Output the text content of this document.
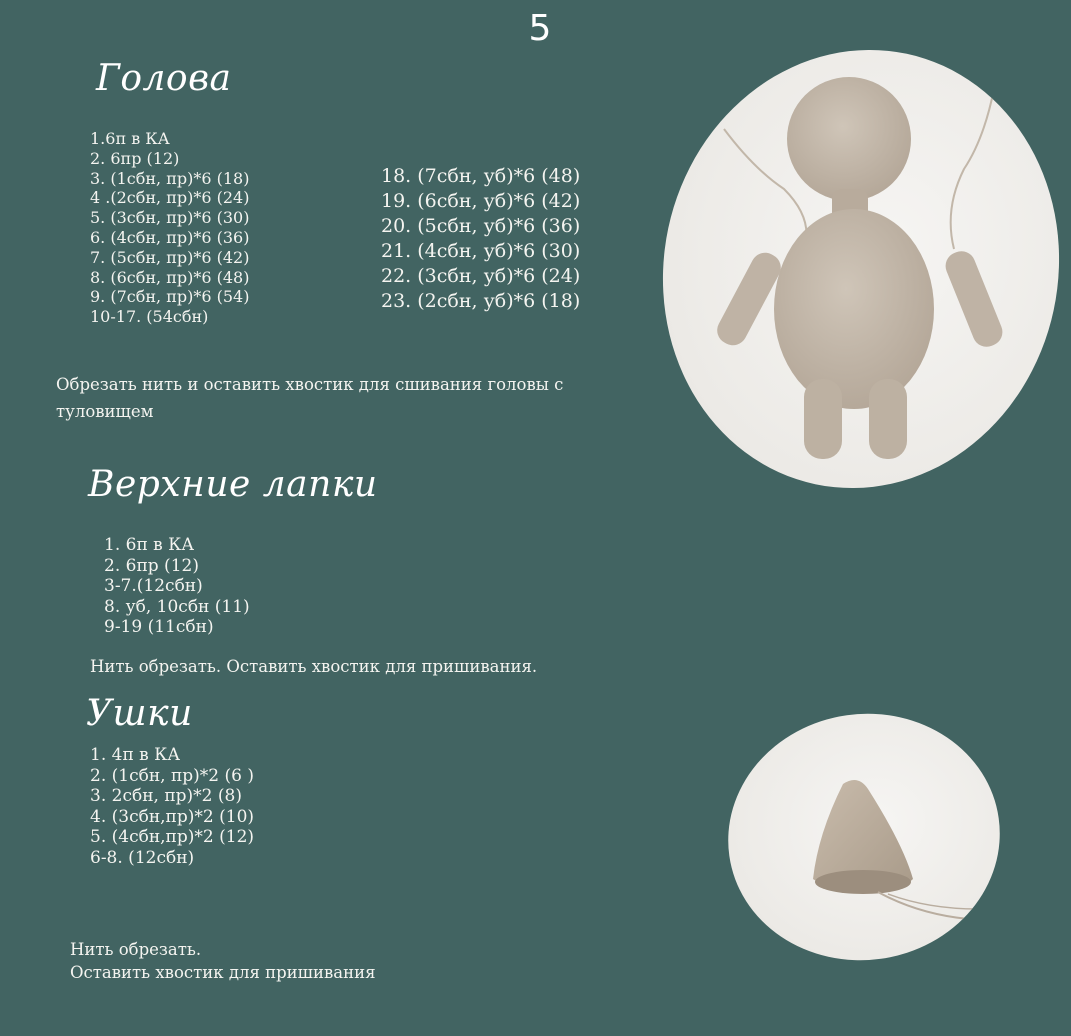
5
Голова
1.6п в КА
2. 6пр (12)
3. (1сбн, пр)*6 (18)
4 .(2сбн, пр)*6 (24)
5. (3сбн, пр)*6 (30)
6. (4сбн, пр)*6 (36)
7. (5сбн, пр)*6 (42)
8. (6сбн, пр)*6 (48)
9. (7сбн, пр)*6 (54)
10-17. (54сбн)
18. (7сбн, уб)*6 (48)
19. (6сбн, уб)*6 (42)
20. (5сбн, уб)*6 (36)
21. (4сбн, уб)*6 (30)
22. (3сбн, уб)*6 (24)
23. (2сбн, уб)*6 (18)
Обрезать нить и оставить хвостик для сшивания головы с
туловищем
Верхние лапки
1. 6п в КА
2. 6пр (12)
3-7.(12сбн)
8. уб, 10сбн (11)
9-19 (11сбн)
Нить обрезать. Оставить хвостик для пришивания.
Ушки
1. 4п в КА
2. (1сбн, пр)*2 (6 )
3. 2сбн, пр)*2 (8)
4. (3сбн,пр)*2 (10)
5. (4сбн,пр)*2 (12)
6-8. (12сбн)
Нить обрезать.
Оставить хвостик для пришивания
